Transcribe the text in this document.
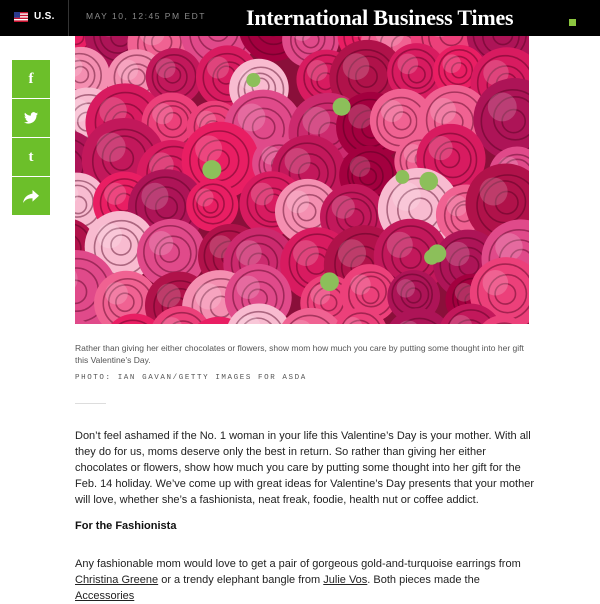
U.S.	MAY 10, 12:45 PM EDT International Business Times
f
t
Rather than giving her either chocolates or flowers, show mom how much you care by putting some thought into her gift this Valentine’s Day.
PHOTO: IAN GAVAN/GETTY IMAGES FOR ASDA

Don’t feel ashamed if the No. 1 woman in your life this Valentine’s Day is your mother. With all they do for us, moms deserve only the best in return. So rather than giving her either chocolates or flowers, show how much you care by putting some thought into her gift for the Feb. 14 holiday. We’ve come up with great ideas for Valentine’s Day presents that your mother will love, whether she’s a fashionista, neat freak, foodie, health nut or coffee addict.

For the Fashionista

Any fashionable mom would love to get a pair of gorgeous gold-and-turquoise earrings from Christina Greene or a trendy elephant bangle from Julie Vos. Both pieces made the Accessories
